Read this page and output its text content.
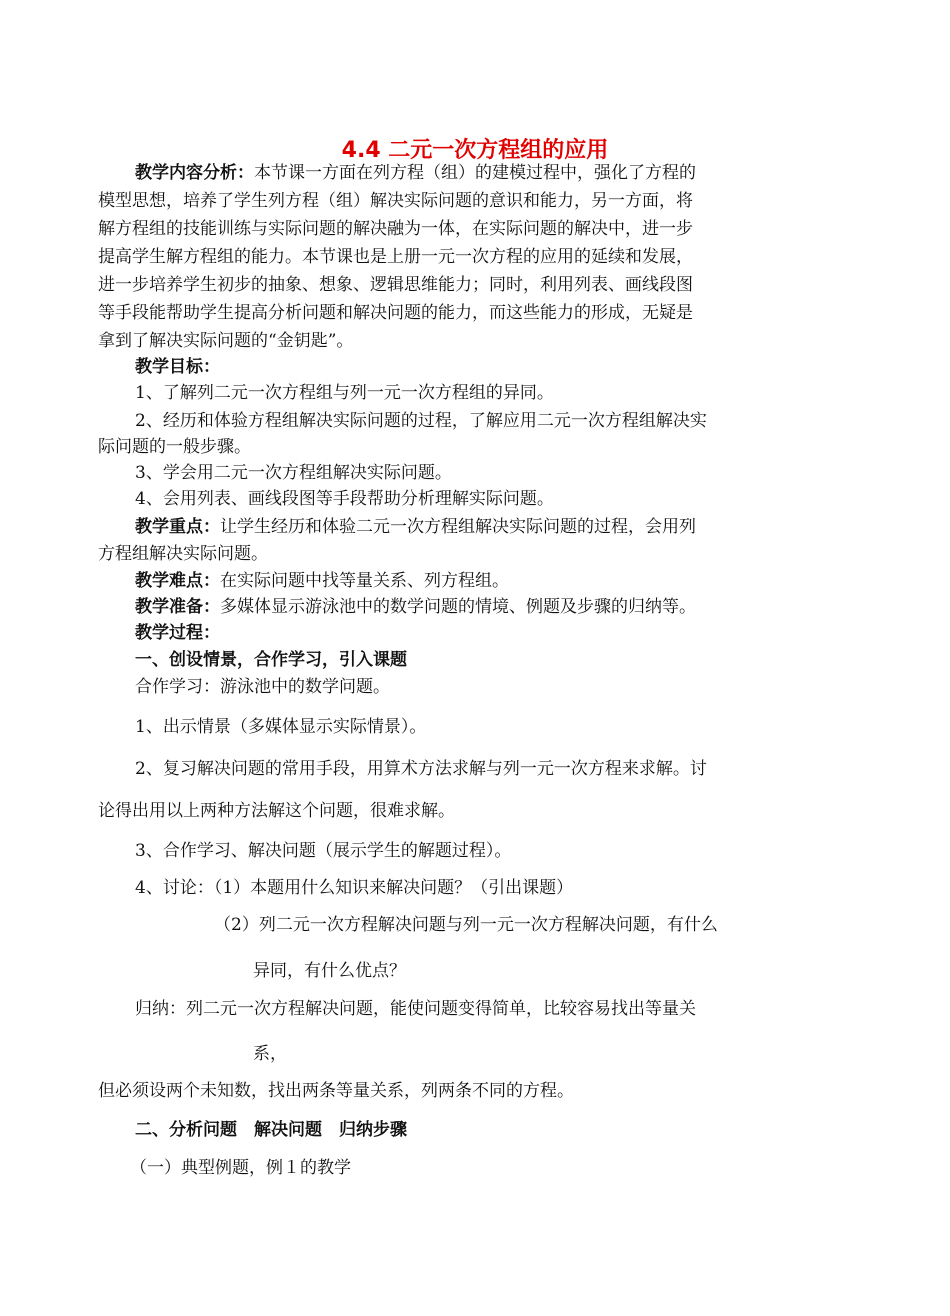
4.4 二元一次方程组的应用
教学内容分析：本节课一方面在列方程（组）的建模过程中，强化了方程的
模型思想，培养了学生列方程（组）解决实际问题的意识和能力，另一方面，将
解方程组的技能训练与实际问题的解决融为一体，在实际问题的解决中，进一步
提高学生解方程组的能力。本节课也是上册一元一次方程的应用的延续和发展，
进一步培养学生初步的抽象、想象、逻辑思维能力；同时，利用列表、画线段图
等手段能帮助学生提高分析问题和解决问题的能力，而这些能力的形成，无疑是
拿到了解决实际问题的“金钥匙”。
教学目标：
1、了解列二元一次方程组与列一元一次方程组的异同。
2、经历和体验方程组解决实际问题的过程，了解应用二元一次方程组解决实
际问题的一般步骤。
3、学会用二元一次方程组解决实际问题。
4、会用列表、画线段图等手段帮助分析理解实际问题。
教学重点：让学生经历和体验二元一次方程组解决实际问题的过程，会用列
方程组解决实际问题。
教学难点：在实际问题中找等量关系、列方程组。
教学准备：多媒体显示游泳池中的数学问题的情境、例题及步骤的归纳等。
教学过程：
一、创设情景，合作学习，引入课题
合作学习：游泳池中的数学问题。
1、出示情景（多媒体显示实际情景）。
2、复习解决问题的常用手段，用算术方法求解与列一元一次方程来求解。讨
论得出用以上两种方法解这个问题，很难求解。
3、合作学习、解决问题（展示学生的解题过程）。
4、讨论：（1）本题用什么知识来解决问题？（引出课题）
（2）列二元一次方程解决问题与列一元一次方程解决问题，有什么
异同，有什么优点？
归纳：列二元一次方程解决问题，能使问题变得简单，比较容易找出等量关
系，
但必须设两个未知数，找出两条等量关系，列两条不同的方程。
二、分析问题　解决问题　归纳步骤
（一）典型例题，例１的教学
